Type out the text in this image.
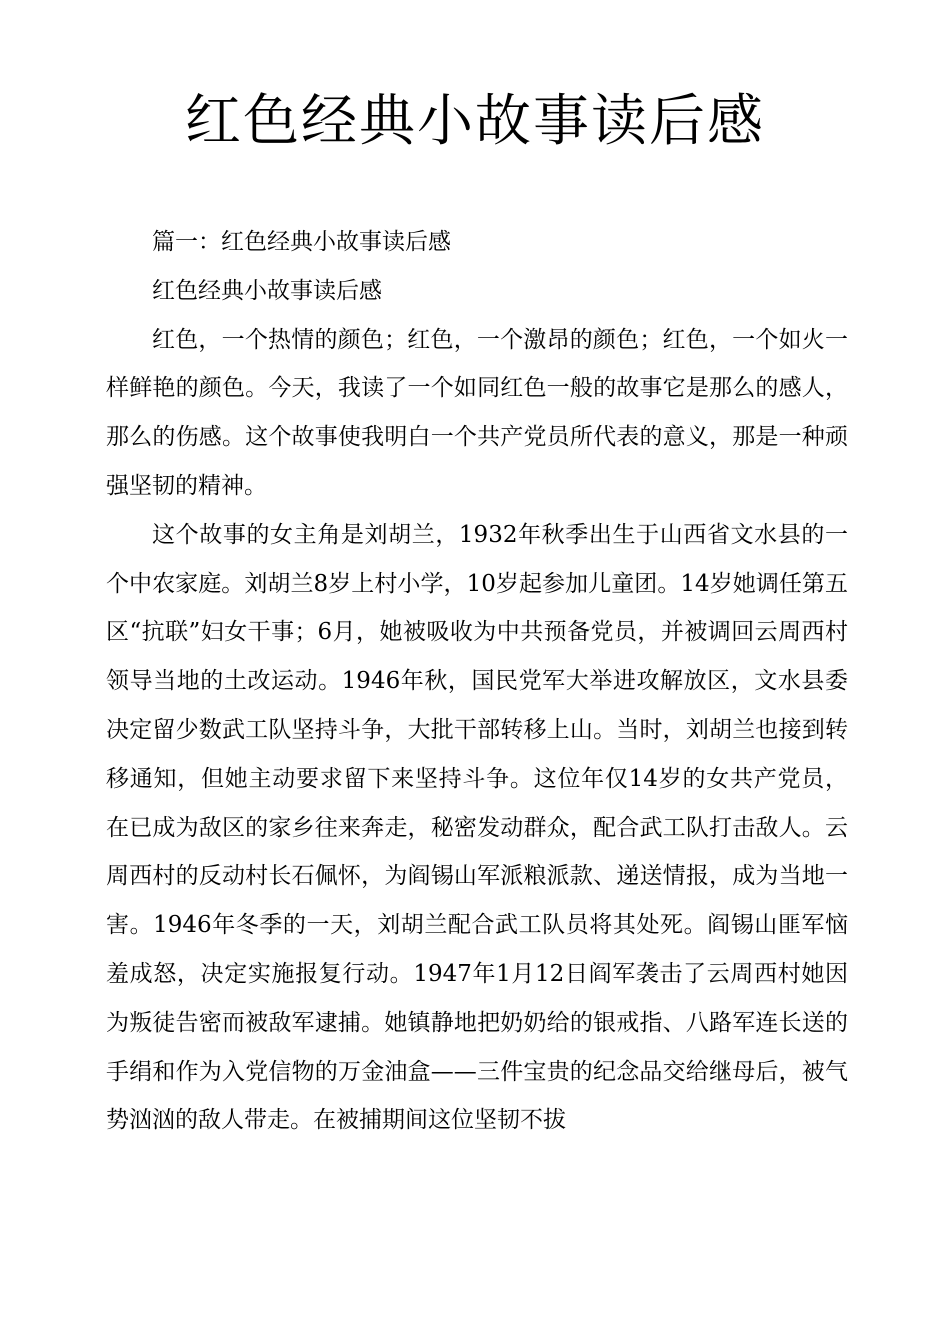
红色经典小故事读后感

篇一：红色经典小故事读后感

红色经典小故事读后感

红色，一个热情的颜色；红色，一个激昂的颜色；红色，一个如火一样鲜艳的颜色。今天，我读了一个如同红色一般的故事它是那么的感人，那么的伤感。这个故事使我明白一个共产党员所代表的意义，那是一种顽强坚韧的精神。

这个故事的女主角是刘胡兰，1932年秋季出生于山西省文水县的一个中农家庭。刘胡兰8岁上村小学，10岁起参加儿童团。14岁她调任第五区“抗联”妇女干事；6月，她被吸收为中共预备党员，并被调回云周西村领导当地的土改运动。1946年秋，国民党军大举进攻解放区，文水县委决定留少数武工队坚持斗争，大批干部转移上山。当时，刘胡兰也接到转移通知，但她主动要求留下来坚持斗争。这位年仅14岁的女共产党员，在已成为敌区的家乡往来奔走，秘密发动群众，配合武工队打击敌人。云周西村的反动村长石佩怀，为阎锡山军派粮派款、递送情报，成为当地一害。1946年冬季的一天，刘胡兰配合武工队员将其处死。阎锡山匪军恼羞成怒，决定实施报复行动。1947年1月12日阎军袭击了云周西村她因为叛徒告密而被敌军逮捕。她镇静地把奶奶给的银戒指、八路军连长送的手绢和作为入党信物的万金油盒——三件宝贵的纪念品交给继母后，被气势汹汹的敌人带走。在被捕期间这位坚韧不拔
